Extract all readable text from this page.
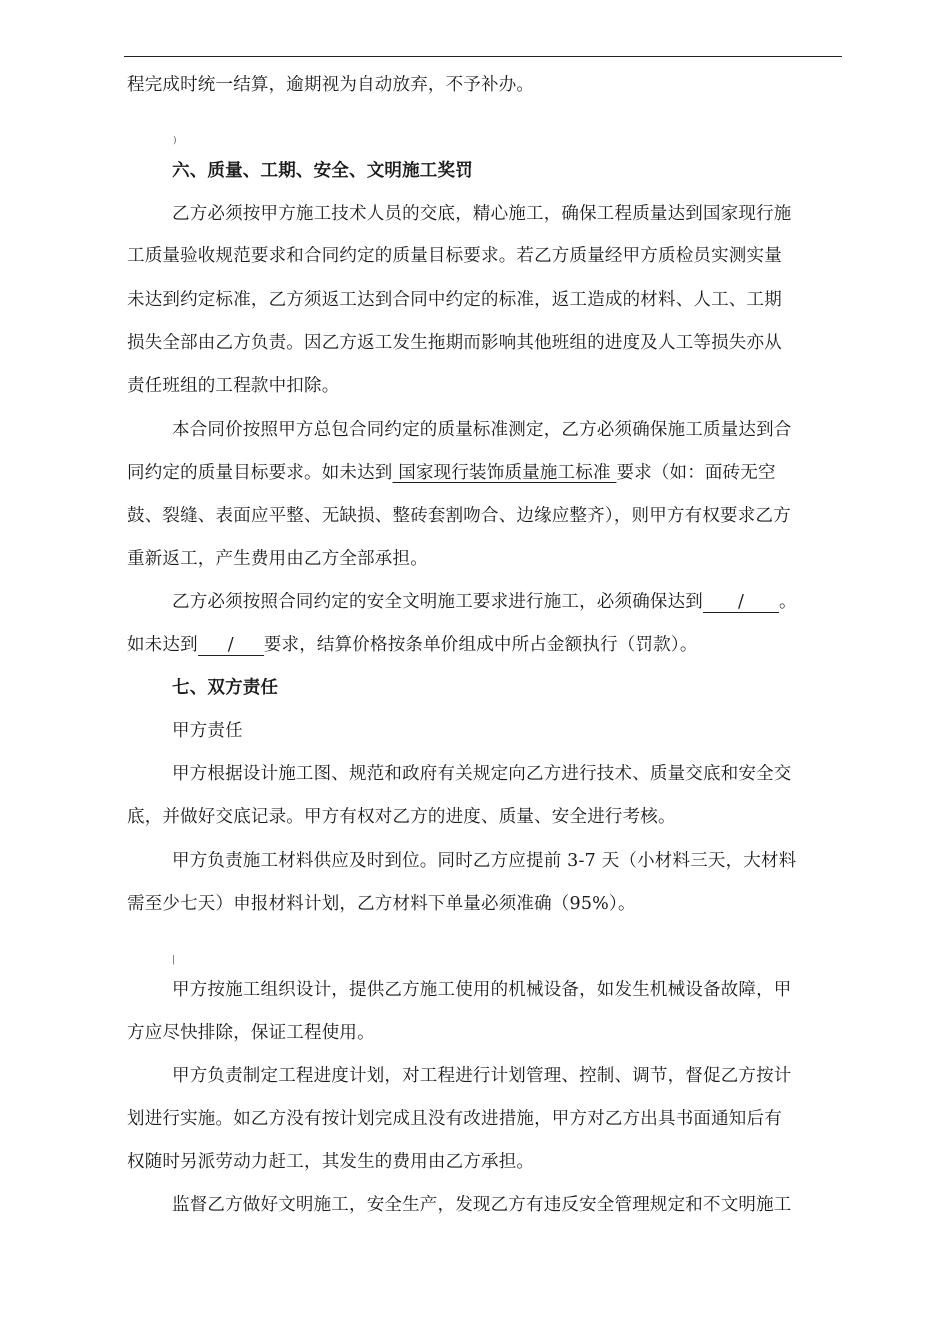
程完成时统一结算，逾期视为自动放弃，不予补办。
)
六、质量、工期、安全、文明施工奖罚
乙方必须按甲方施工技术人员的交底，精心施工，确保工程质量达到国家现行施
工质量验收规范要求和合同约定的质量目标要求。若乙方质量经甲方质检员实测实量
未达到约定标准，乙方须返工达到合同中约定的标准，返工造成的材料、人工、工期
损失全部由乙方负责。因乙方返工发生拖期而影响其他班组的进度及人工等损失亦从
责任班组的工程款中扣除。
本合同价按照甲方总包合同约定的质量标准测定，乙方必须确保施工质量达到合
同约定的质量目标要求。如未达到 国家现行装饰质量施工标准 要求（如：面砖无空
鼓、裂缝、表面应平整、无缺损、整砖套割吻合、边缘应整齐），则甲方有权要求乙方
重新返工，产生费用由乙方全部承担。
乙方必须按照合同约定的安全文明施工要求进行施工，必须确保达到 / 。
如未达到 / 要求，结算价格按条单价组成中所占金额执行（罚款）。
七、双方责任
甲方责任
甲方根据设计施工图、规范和政府有关规定向乙方进行技术、质量交底和安全交
底，并做好交底记录。甲方有权对乙方的进度、质量、安全进行考核。
甲方负责施工材料供应及时到位。同时乙方应提前 3-7 天（小材料三天，大材料
需至少七天）申报材料计划，乙方材料下单量必须准确（95%）。
|
甲方按施工组织设计，提供乙方施工使用的机械设备，如发生机械设备故障，甲
方应尽快排除，保证工程使用。
甲方负责制定工程进度计划，对工程进行计划管理、控制、调节，督促乙方按计
划进行实施。如乙方没有按计划完成且没有改进措施，甲方对乙方出具书面通知后有
权随时另派劳动力赶工，其发生的费用由乙方承担。
监督乙方做好文明施工，安全生产，发现乙方有违反安全管理规定和不文明施工
